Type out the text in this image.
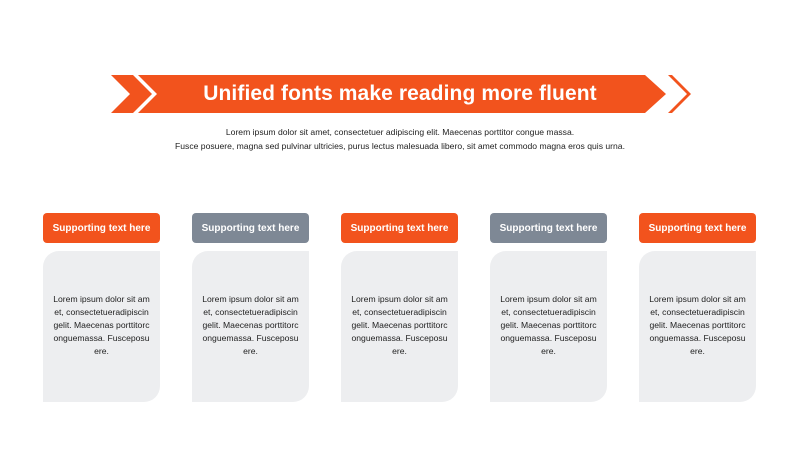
Unified fonts make reading more fluent
Lorem ipsum dolor sit amet, consectetuer adipiscing elit. Maecenas porttitor congue massa.
Fusce posuere, magna sed pulvinar ultricies, purus lectus malesuada libero, sit amet commodo magna eros quis urna.
Supporting text here
Lorem ipsum dolor sit amet, consectetueradipiscingelit. Maecenas porttitorconguemassa. Fusceposuere.
Supporting text here
Lorem ipsum dolor sit amet, consectetueradipiscingelit. Maecenas porttitorconguemassa. Fusceposuere.
Supporting text here
Lorem ipsum dolor sit amet, consectetueradipiscingelit. Maecenas porttitorconguemassa. Fusceposuere.
Supporting text here
Lorem ipsum dolor sit amet, consectetueradipiscingelit. Maecenas porttitorconguemassa. Fusceposuere.
Supporting text here
Lorem ipsum dolor sit amet, consectetueradipiscingelit. Maecenas porttitorconguemassa. Fusceposuere.
